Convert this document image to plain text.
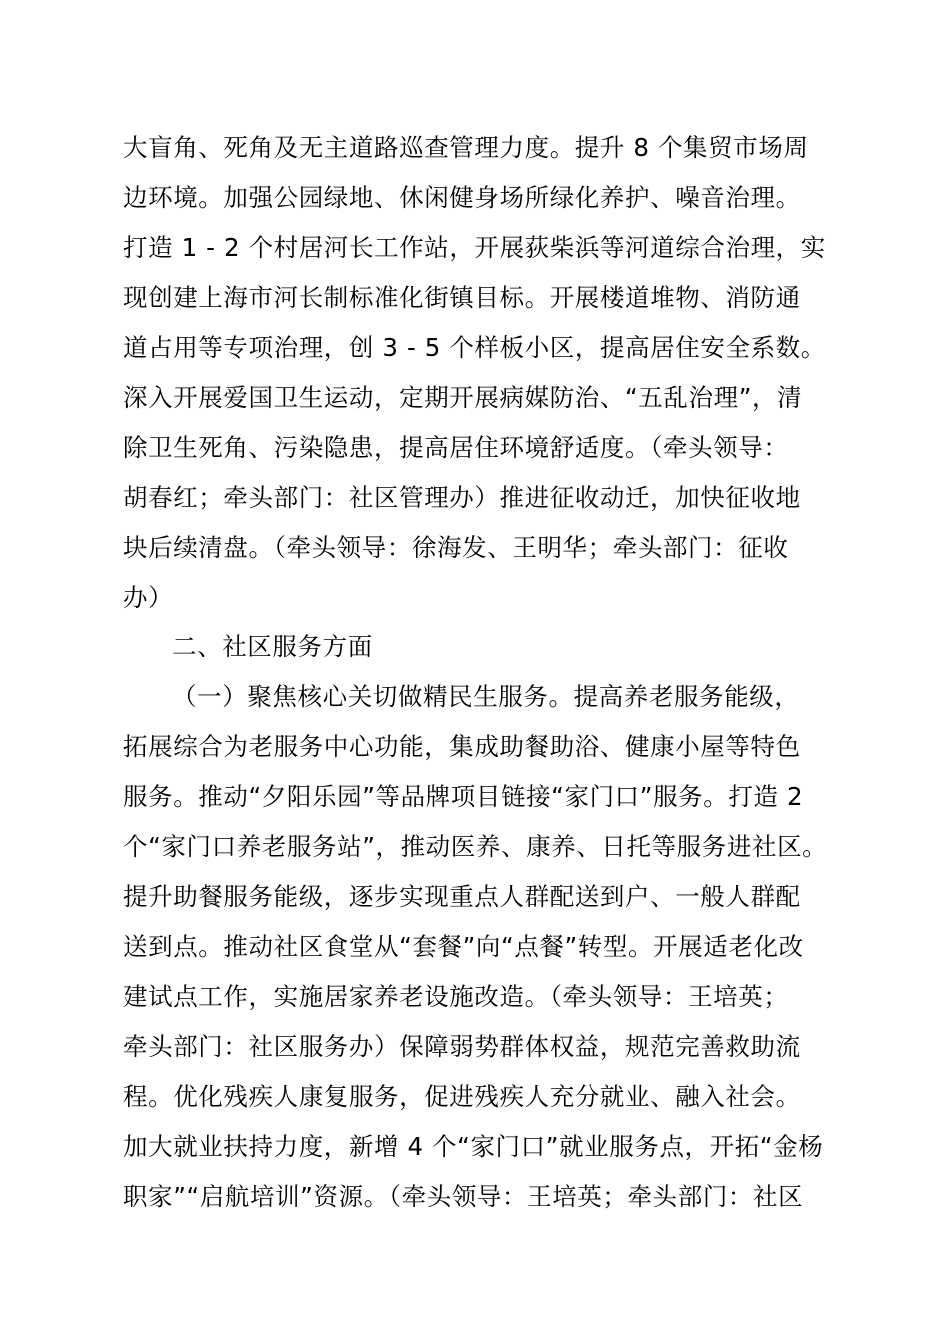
大盲角、死角及无主道路巡查管理力度。提升 8 个集贸市场周
边环境。加强公园绿地、休闲健身场所绿化养护、噪音治理。
打造 1 - 2 个村居河长工作站，开展荻柴浜等河道综合治理，实
现创建上海市河长制标准化街镇目标。开展楼道堆物、消防通
道占用等专项治理，创 3 - 5 个样板小区，提高居住安全系数。
深入开展爱国卫生运动，定期开展病媒防治、“五乱治理”，清
除卫生死角、污染隐患，提高居住环境舒适度。（牵头领导：
胡春红；牵头部门：社区管理办）推进征收动迁，加快征收地
块后续清盘。（牵头领导：徐海发、王明华；牵头部门：征收
办）
二、社区服务方面
（一）聚焦核心关切做精民生服务。提高养老服务能级，
拓展综合为老服务中心功能，集成助餐助浴、健康小屋等特色
服务。推动“夕阳乐园”等品牌项目链接“家门口”服务。打造 2
个“家门口养老服务站”，推动医养、康养、日托等服务进社区。
提升助餐服务能级，逐步实现重点人群配送到户、一般人群配
送到点。推动社区食堂从“套餐”向“点餐”转型。开展适老化改
建试点工作，实施居家养老设施改造。（牵头领导：王培英；
牵头部门：社区服务办）保障弱势群体权益，规范完善救助流
程。优化残疾人康复服务，促进残疾人充分就业、融入社会。
加大就业扶持力度，新增 4 个“家门口”就业服务点，开拓“金杨
职家”“启航培训”资源。（牵头领导：王培英；牵头部门：社区
